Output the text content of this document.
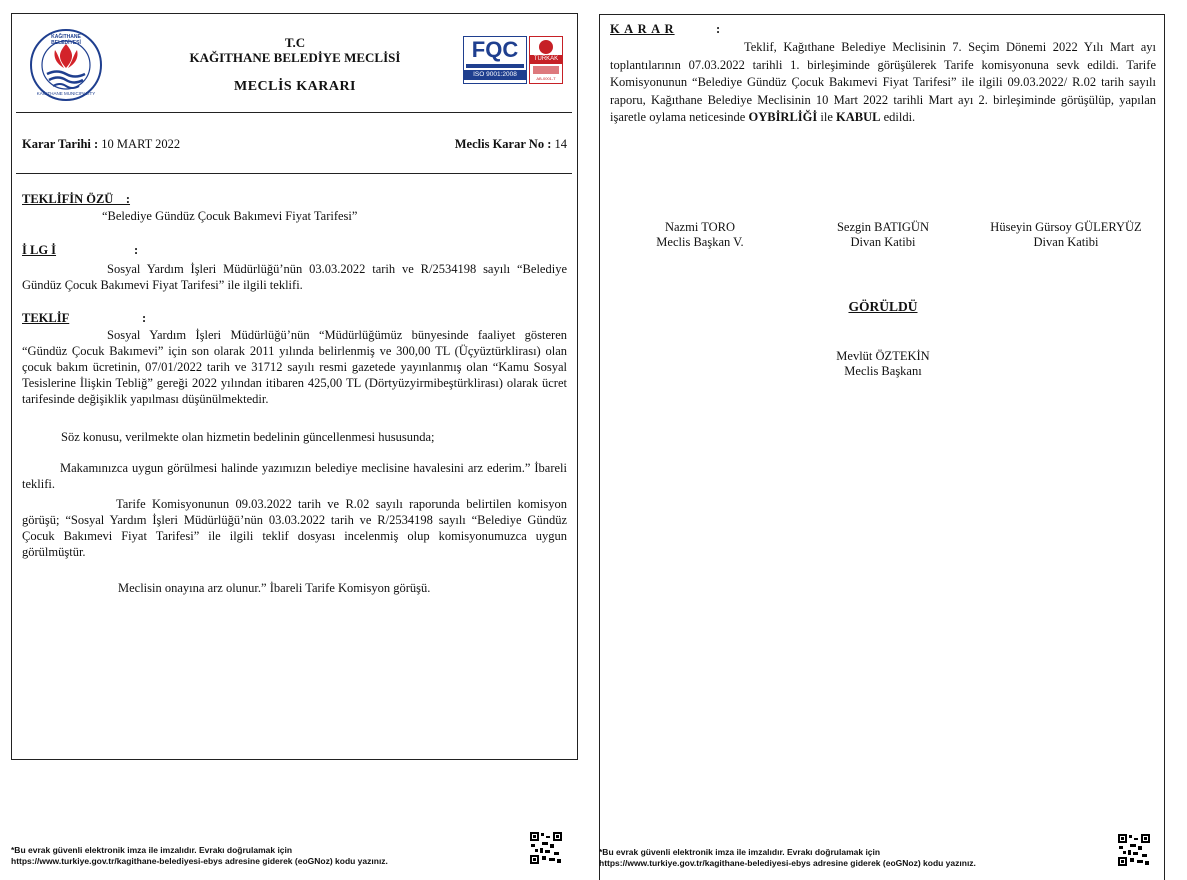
KAĞITHANE BELEDİYESİ
KAĞITHANE MUNICIPALITY
T.C
KAĞITHANE BELEDİYE MECLİSİ
MECLİS KARARI
FQC
ISO 9001:2008
TÜRKAK
AB-0001-T
Karar Tarihi : 10 MART 2022	Meclis Karar No : 14
TEKLİFİN ÖZÜ    :
“Belediye Gündüz Çocuk Bakımevi Fiyat Tarifesi”
İ LG İ	:
Sosyal Yardım İşleri Müdürlüğü’nün 03.03.2022 tarih ve R/2534198 sayılı “Belediye Gündüz Çocuk Bakımevi Fiyat Tarifesi” ile ilgili teklifi.
TEKLİF	:
Sosyal Yardım İşleri Müdürlüğü’nün “Müdürlüğümüz bünyesinde faaliyet gösteren “Gündüz Çocuk Bakımevi” için son olarak 2011 yılında belirlenmiş ve 300,00 TL (Üçyüztürklirası) olan çocuk bakım ücretinin, 07/01/2022 tarih ve 31712 sayılı resmi gazetede yayınlanmış olan “Kamu Sosyal Tesislerine İlişkin Tebliğ” gereği 2022 yılından itibaren 425,00 TL (Dörtyüzyirmibeştürklirası) olarak ücret tarifesinde değişiklik yapılması düşünülmektedir.
Söz konusu, verilmekte olan hizmetin bedelinin güncellenmesi hususunda;
Makamınızca uygun görülmesi halinde yazımızın belediye meclisine havalesini arz ederim.” İbareli teklifi.
Tarife Komisyonunun 09.03.2022 tarih ve R.02 sayılı raporunda belirtilen komisyon görüşü; “Sosyal Yardım İşleri Müdürlüğü’nün 03.03.2022 tarih ve R/2534198 sayılı “Belediye Gündüz Çocuk Bakımevi Fiyat Tarifesi” ile ilgili teklif dosyası incelenmiş olup komisyonumuzca uygun görülmüştür.
Meclisin onayına arz olunur.” İbareli Tarife Komisyon görüşü.
*Bu evrak güvenli elektronik imza ile imzalıdır. Evrakı doğrulamak için
https://www.turkiye.gov.tr/kagithane-belediyesi-ebys adresine giderek (eoGNoz) kodu yazınız.
K A R A R	:
Teklif, Kağıthane Belediye Meclisinin 7. Seçim Dönemi 2022 Yılı Mart ayı toplantılarının 07.03.2022 tarihli 1. birleşiminde görüşülerek Tarife komisyonuna sevk edildi. Tarife Komisyonunun “Belediye Gündüz Çocuk Bakımevi Fiyat Tarifesi” ile ilgili 09.03.2022/ R.02 tarih sayılı raporu, Kağıthane Belediye Meclisinin 10 Mart 2022 tarihli Mart ayı 2. birleşiminde görüşülüp, yapılan işaretle oylama neticesinde OYBİRLİĞİ ile KABUL edildi.
Nazmi TORO
Meclis Başkan V.
Sezgin BATIGÜN
Divan Katibi
Hüseyin Gürsoy GÜLERYÜZ
Divan Katibi
GÖRÜLDÜ
Mevlüt ÖZTEKİN
Meclis Başkanı
*Bu evrak güvenli elektronik imza ile imzalıdır. Evrakı doğrulamak için
https://www.turkiye.gov.tr/kagithane-belediyesi-ebys adresine giderek (eoGNoz) kodu yazınız.
